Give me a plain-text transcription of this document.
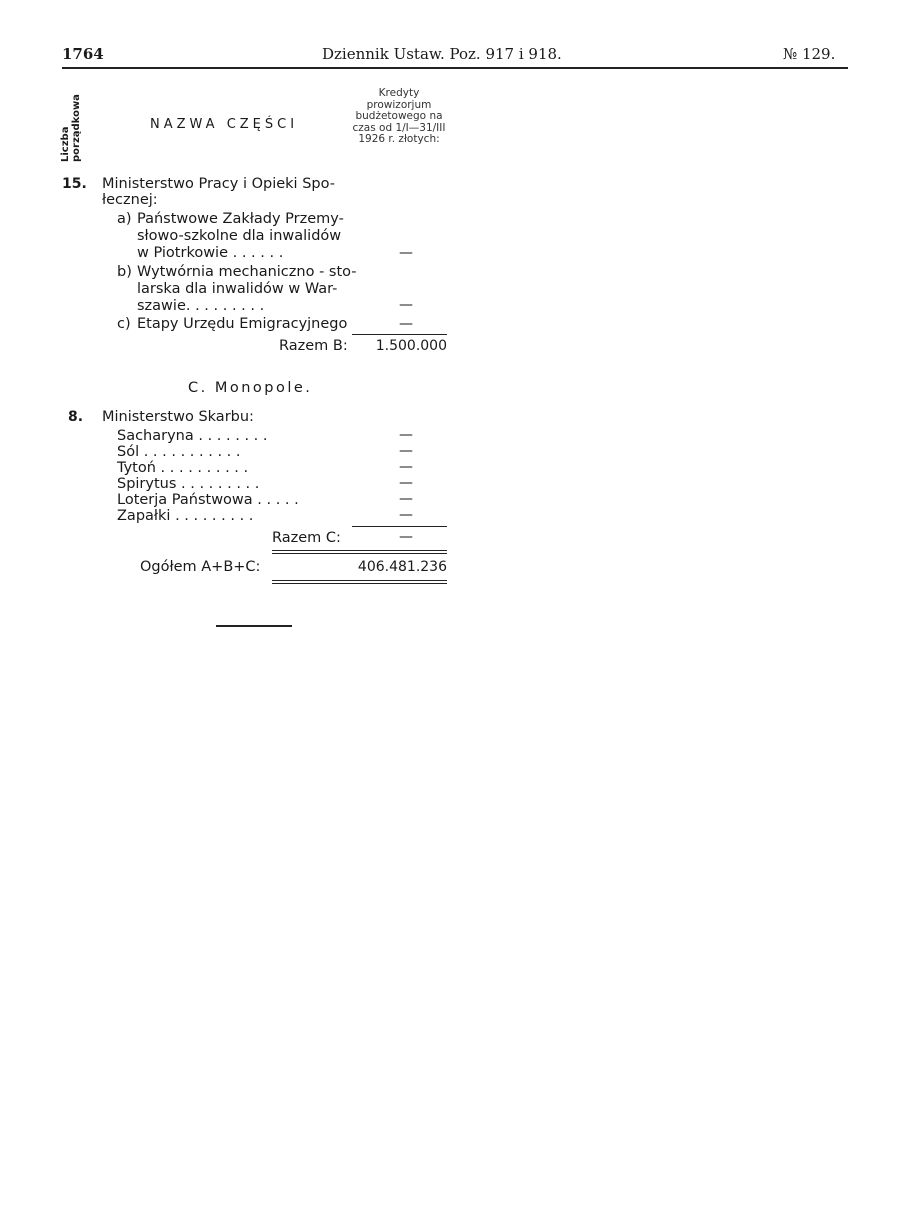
1764	Dziennik Ustaw. Poz. 917 i 918.	№ 129.
Liczba porządkowa	NAZWA CZĘŚCI
Kredyty prowizorjum budżetowego na czas od 1/I—31/III 1926 r. złotych:
15. Ministerstwo Pracy i Opieki Spo-
łecznej:
a) Państwowe Zakłady Przemy-
słowo-szkolne dla inwalidów
w Piotrkowie . . . . . .	—
b) Wytwórnia mechaniczno - sto-
larska dla inwalidów w War-
szawie. . . . . . . . .	—
c) Etapy Urzędu Emigracyjnego	—
Razem B:	1.500.000
C. Monopole.
8. Ministerstwo Skarbu:
Sacharyna . . . . . . . .	—
Sól . . . . . . . . . . .	—
Tytoń . . . . . . . . . .	—
Spirytus . . . . . . . . .	—
Loterja Państwowa . . . . .	—
Zapałki . . . . . . . . .	—
Razem C:	—
Ogółem A+B+C:	406.481.236
